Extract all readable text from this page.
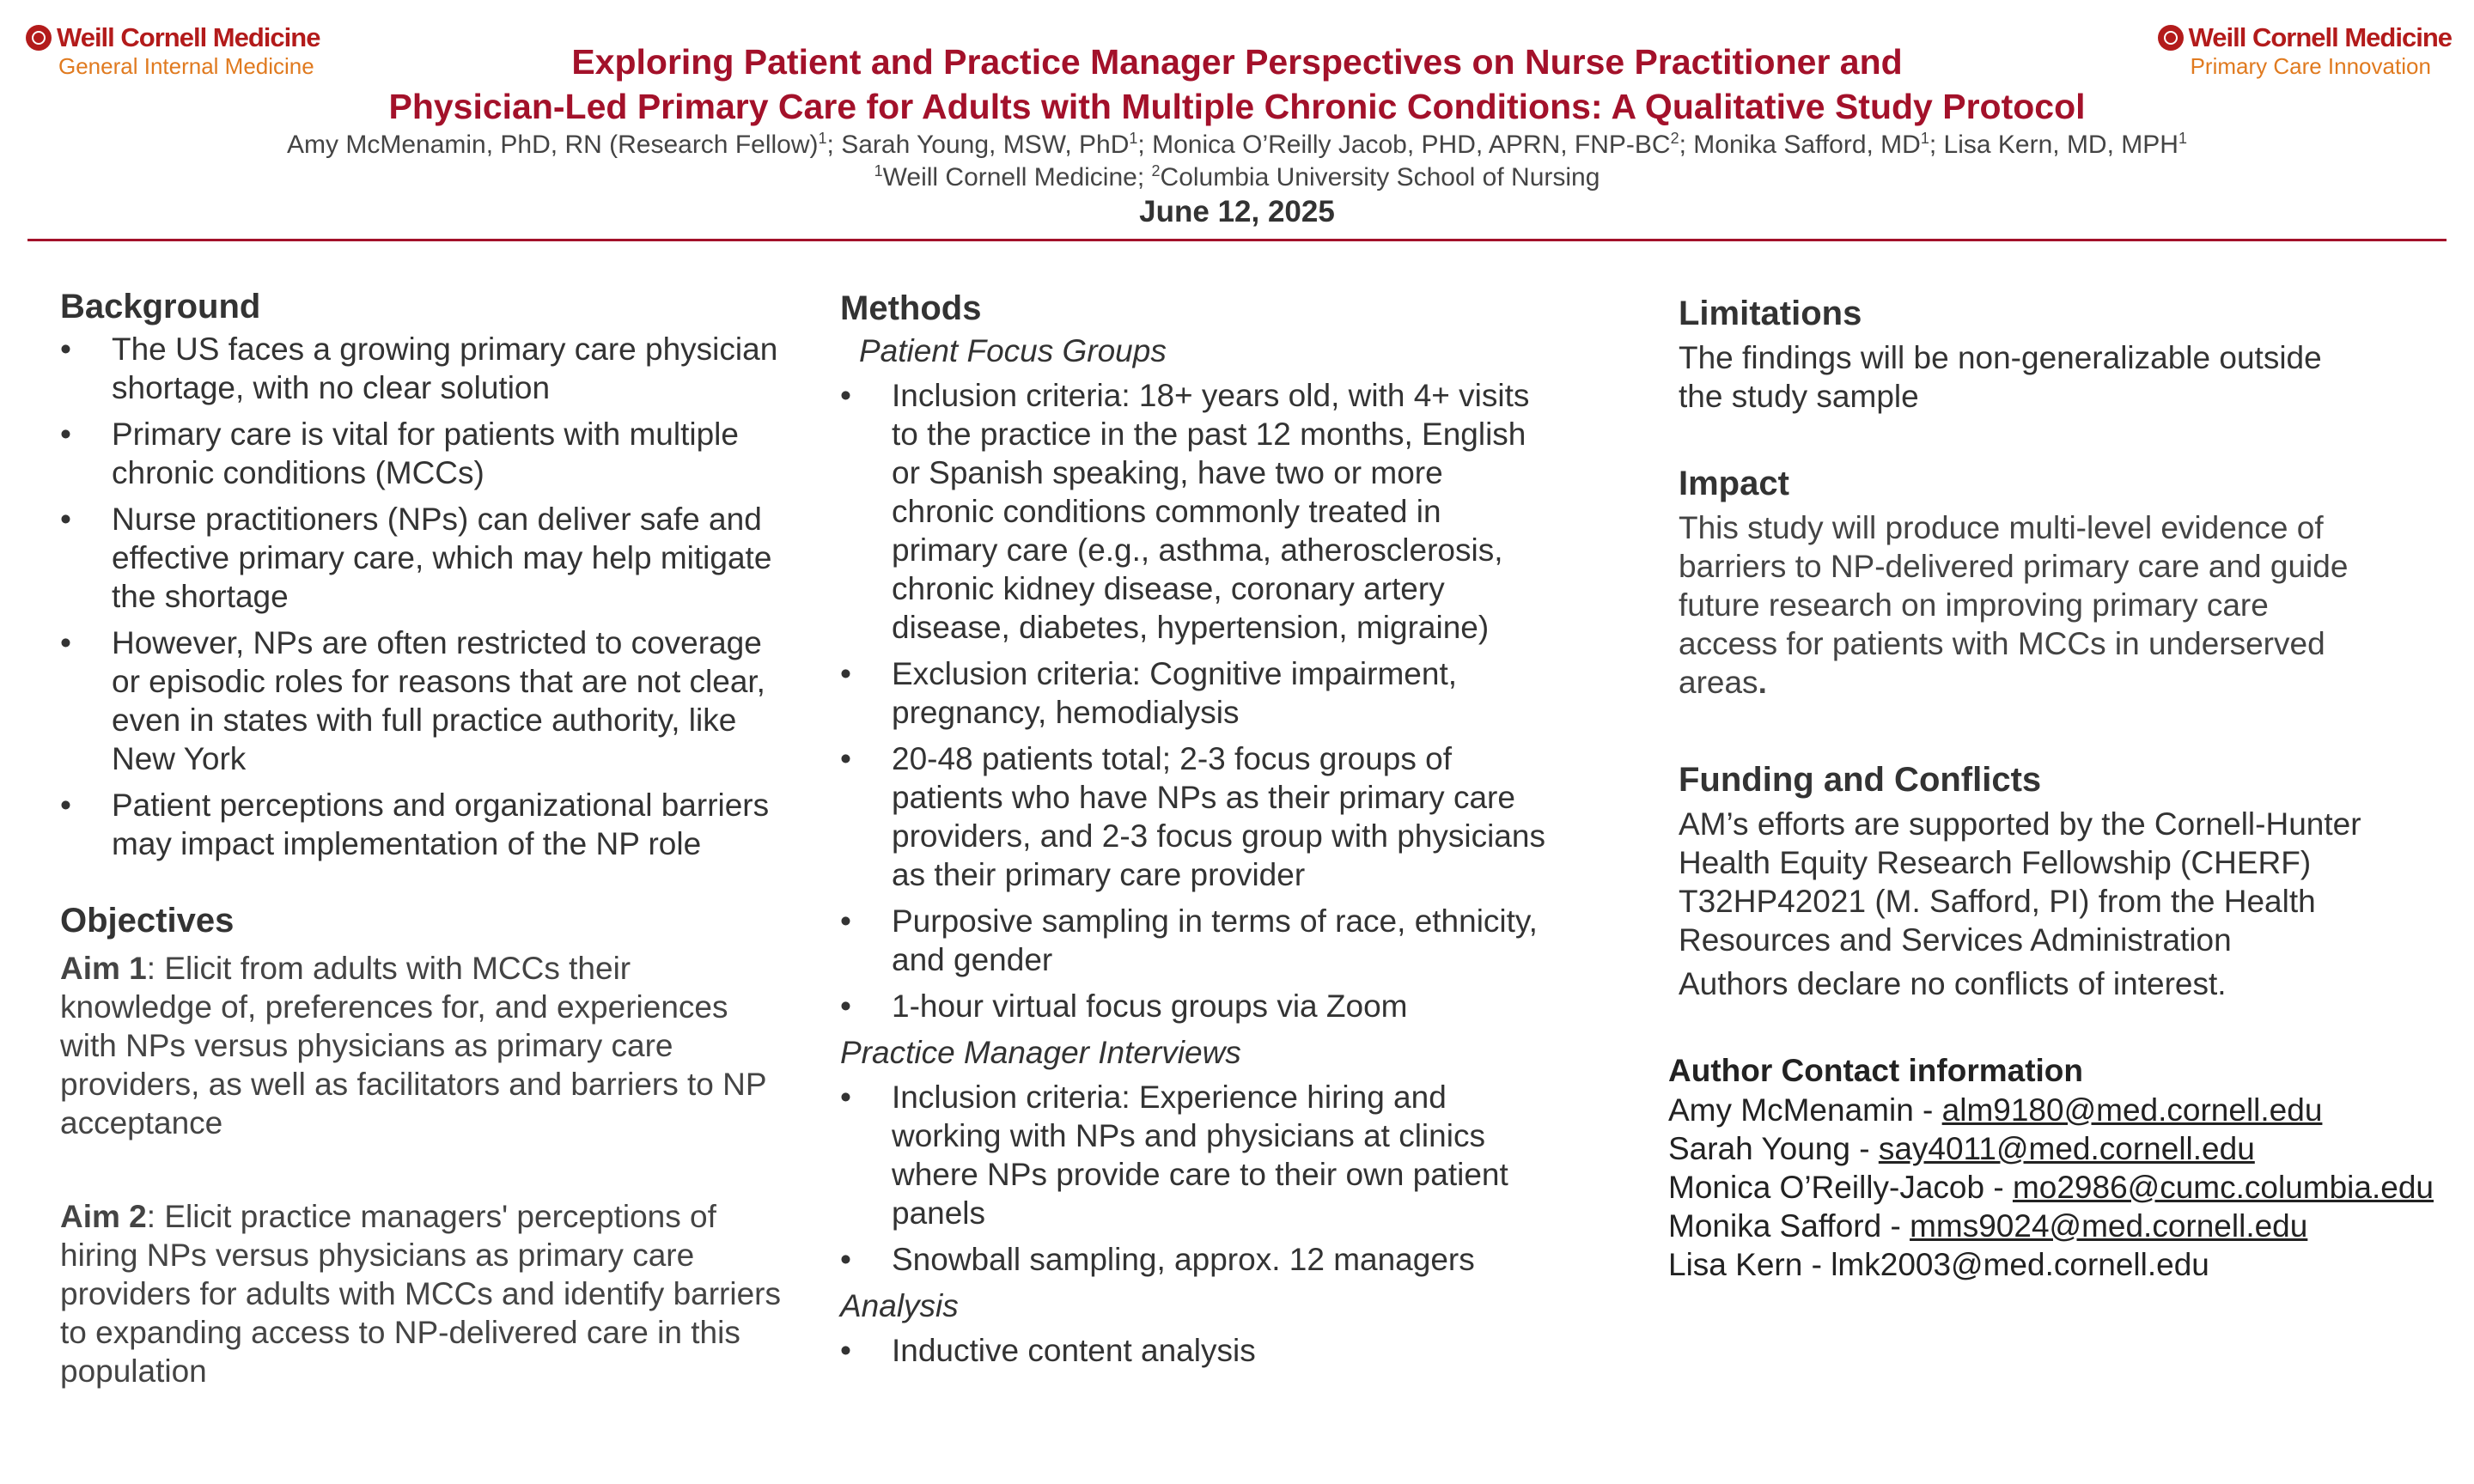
Weill Cornell Medicine
General Internal Medicine
Weill Cornell Medicine
Primary Care Innovation
Exploring Patient and Practice Manager Perspectives on Nurse Practitioner and
Physician-Led Primary Care for Adults with Multiple Chronic Conditions: A Qualitative Study Protocol
Amy McMenamin, PhD, RN (Research Fellow)$^1$; Sarah Young, MSW, PhD$^1$; Monica O’Reilly Jacob, PHD, APRN, FNP-$BC^2$; Monika Safford, $MD^1$; Lisa Kern, MD, MPH$^1$
$^1$Weill Cornell Medicine; $^2$Columbia University School of Nursing
June 12, 2025
Background
• The US faces a growing primary care physician shortage, with no clear solution
• Primary care is vital for patients with multiple chronic conditions (MCCs)
• Nurse practitioners (NPs) can deliver safe and effective primary care, which may help mitigate the shortage
• However, NPs are often restricted to coverage or episodic roles for reasons that are not clear, even in states with full practice authority, like New York
• Patient perceptions and organizational barriers may impact implementation of the NP role
Objectives
Aim 1: Elicit from adults with MCCs their knowledge of, preferences for, and experiences with NPs versus physicians as primary care providers, as well as facilitators and barriers to NP acceptance
Aim 2: Elicit practice managers' perceptions of hiring NPs versus physicians as primary care providers for adults with MCCs and identify barriers to expanding access to NP-delivered care in this population
Methods
Patient Focus Groups
• Inclusion criteria: 18+ years old, with 4+ visits to the practice in the past 12 months, English or Spanish speaking, have two or more chronic conditions commonly treated in primary care (e.g., asthma, atherosclerosis, chronic kidney disease, coronary artery disease, diabetes, hypertension, migraine)
• Exclusion criteria: Cognitive impairment, pregnancy, hemodialysis
• 20-48 patients total; 2-3 focus groups of patients who have NPs as their primary care providers, and 2-3 focus group with physicians as their primary care provider
• Purposive sampling in terms of race, ethnicity, and gender
• 1-hour virtual focus groups via Zoom
Practice Manager Interviews
• Inclusion criteria: Experience hiring and working with NPs and physicians at clinics where NPs provide care to their own patient panels
• Snowball sampling, approx. 12 managers
Analysis
• Inductive content analysis
Limitations
The findings will be non-generalizable outside the study sample
Impact
This study will produce multi-level evidence of barriers to NP-delivered primary care and guide future research on improving primary care access for patients with MCCs in underserved areas.
Funding and Conflicts
AM’s efforts are supported by the Cornell-Hunter Health Equity Research Fellowship (CHERF) T32HP42021 (M. Safford, PI) from the Health Resources and Services Administration
Authors declare no conflicts of interest.
Author Contact information
Amy McMenamin - alm9180@med.cornell.edu
Sarah Young - say4011@med.cornell.edu
Monica O’Reilly-Jacob - mo2986@cumc.columbia.edu
Monika Safford - mms9024@med.cornell.edu
Lisa Kern - lmk2003@med.cornell.edu
